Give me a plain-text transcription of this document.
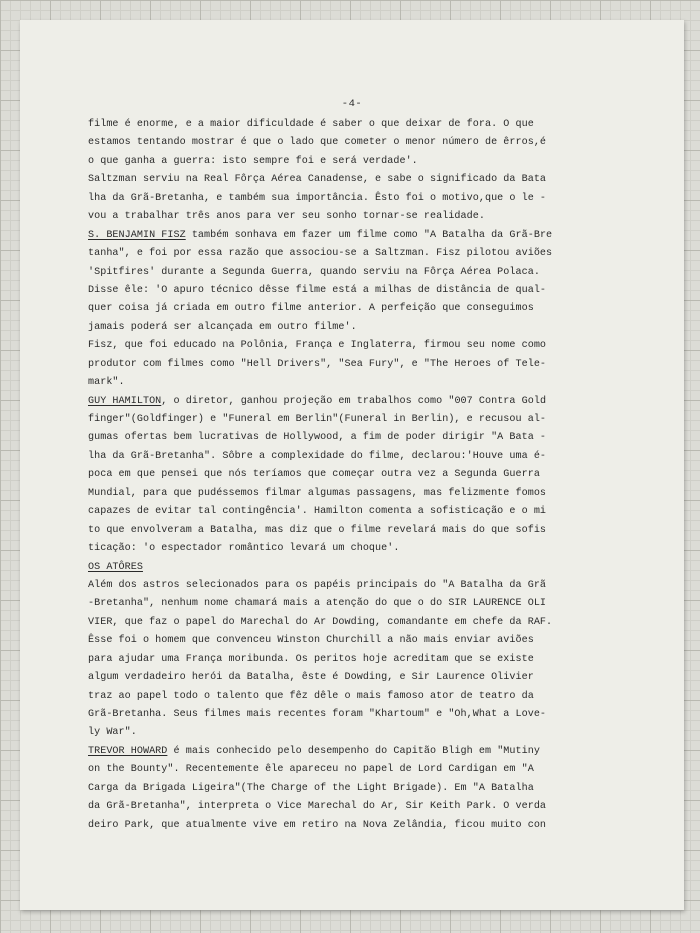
-4-
filme é enorme, e a maior dificuldade é saber o que deixar de fora. O que
estamos tentando mostrar é que o lado que cometer o menor número de êrros,é
o que ganha a guerra: isto sempre foi e será verdade'.
Saltzman serviu na Real Fôrça Aérea Canadense, e sabe o significado da Bata
lha da Grã-Bretanha, e também sua importância. Êsto foi o motivo,que o le -
vou a trabalhar três anos para ver seu sonho tornar-se realidade.
S. BENJAMIN FISZ também sonhava em fazer um filme como "A Batalha da Grã-Bre
tanha", e foi por essa razão que associou-se a Saltzman. Fisz pilotou aviões
'Spitfires' durante a Segunda Guerra, quando serviu na Fôrça Aérea Polaca.
Disse êle: 'O apuro técnico dêsse filme está a milhas de distância de qual-
quer coisa já criada em outro filme anterior. A perfeição que conseguimos
jamais poderá ser alcançada em outro filme'.
Fisz, que foi educado na Polônia, França e Inglaterra, firmou seu nome como
produtor com filmes como "Hell Drivers", "Sea Fury", e "The Heroes of Tele-
mark".
GUY HAMILTON, o diretor, ganhou projeção em trabalhos como "007 Contra Gold
finger"(Goldfinger) e "Funeral em Berlin"(Funeral in Berlin), e recusou al-
gumas ofertas bem lucrativas de Hollywood, a fim de poder dirigir "A Bata -
lha da Grã-Bretanha". Sôbre a complexidade do filme, declarou:'Houve uma é-
poca em que pensei que nós teríamos que começar outra vez a Segunda Guerra
Mundial, para que pudéssemos filmar algumas passagens, mas felizmente fomos
capazes de evitar tal contingência'. Hamilton comenta a sofisticação e o mi
to que envolveram a Batalha, mas diz que o filme revelará mais do que sofis
ticação: 'o espectador romântico levará um choque'.
OS ATÔRES
Além dos astros selecionados para os papéis principais do "A Batalha da Grã
-Bretanha", nenhum nome chamará mais a atenção do que o do SIR LAURENCE OLI
VIER, que faz o papel do Marechal do Ar Dowding, comandante em chefe da RAF.
Êsse foi o homem que convenceu Winston Churchill a não mais enviar aviões
para ajudar uma França moribunda. Os peritos hoje acreditam que se existe
algum verdadeiro herói da Batalha, êste é Dowding, e Sir Laurence Olivier
traz ao papel todo o talento que fêz dêle o mais famoso ator de teatro da
Grã-Bretanha. Seus filmes mais recentes foram "Khartoum" e "Oh,What a Love-
ly War".
TREVOR HOWARD é mais conhecido pelo desempenho do Capitão Bligh em "Mutiny
on the Bounty". Recentemente êle apareceu no papel de Lord Cardigan em "A
Carga da Brigada Ligeira"(The Charge of the Light Brigade). Em "A Batalha
da Grã-Bretanha", interpreta o Vice Marechal do Ar, Sir Keith Park. O verda
deiro Park, que atualmente vive em retiro na Nova Zelândia, ficou muito con
